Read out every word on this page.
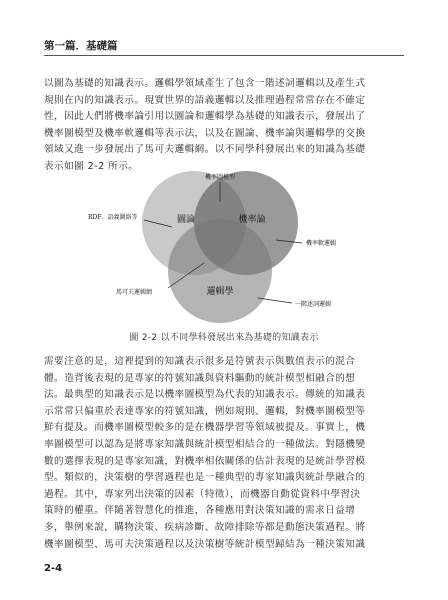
第一篇．基礎篇

以圖為基礎的知識表示。邏輯學領域產生了包含一階述詞邏輯以及產生式

規則在內的知識表示。現實世界的語義邏輯以及推理過程常常存在不確定

性，因此人們將機率論引用以圖論和邏輯學為基礎的知識表示，發展出了

機率圖模型及機率軟邏輯等表示法，以及在圖論、機率論與邏輯學的交換

領域又進一步發展出了馬可夫邏輯網。以不同學科發展出來的知識為基礎

表示如圖 2-2 所示。

圖論	機率論
邏輯學
機率圖模型
RDF、語義圖絡等
機率軟邏輯
馬可夫邏輯網
一階述詞邏輯
圖 2-2 以不同學科發展出來為基礎的知識表示

需要注意的是，這裡提到的知識表示很多是符號表示與數值表示的混合

體。造背後表現的是專家的符號知識與資料驅動的統計模型相融合的想

法。最典型的知識表示是以機率圖模型為代表的知識表示。傳統的知識表

示常常只偏重於表達專家的符號知識，例如規則、邏輯，對機率圖模型等

鮮有提及。而機率圖模型較多的是在機器學習等領域被提及。事實上，機

率圖模型可以認為是將專家知識與統計模型相結合的一種做法。對隱機變

數的選擇表現的是專家知識，對機率相依關係的估計表現的是統計學習模

型。類似的，決策樹的學習過程也是一種典型的專家知識與統計學融合的

過程。其中，專家列出決策的因素（特徵），而機器自動從資料中學習決

策時的權重。伴隨著智慧化的推進，各種應用對決策知識的需求日益增

多，舉例來說，購物決策、疾病診斷、故障排除等都是動態決策過程。將

機率圖模型、馬可夫決策過程以及決策樹等統計模型歸結為一種決策知識

2-4
